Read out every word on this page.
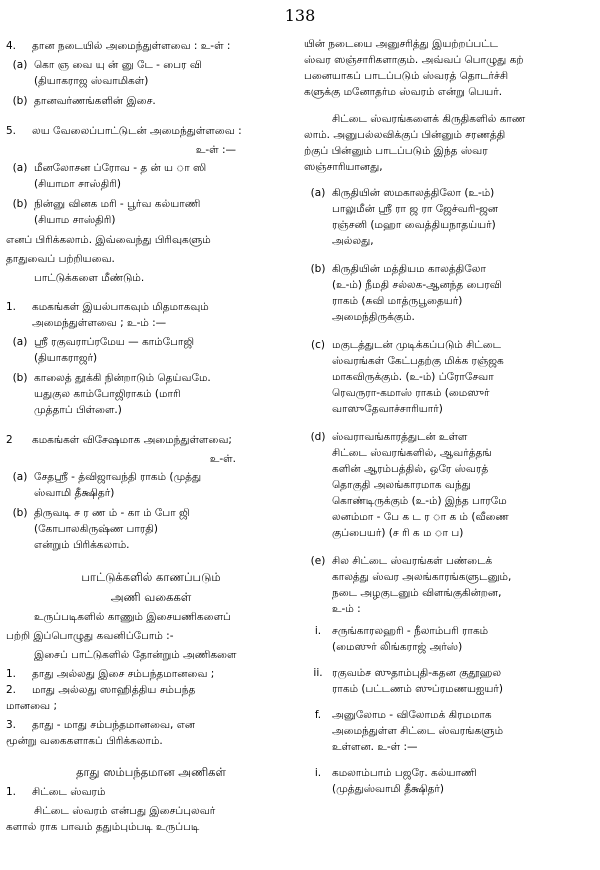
138
4.	தான நடையில் அமைந்துள்ளவை : உ-ள் :
(a) கொ ஞ வை யு ன் னு டே - பைர வி
(தியாகராஜ ஸ்வாமிகள்)
(b) தானவர்ணங்களின் இசை.
5.	லய வேலைப்பாட்டுடன் அமைந்துள்ளவை :
உ-ள் :—
(a) மீனலோசன ப்ரோவ - த ன் ய ா ஸி
(சியாமா சாஸ்திரி)
(b) நின்னு வினக மரி - பூர்வ கல்யாணி
(சியாம சாஸ்திரி)
எனப் பிரிக்கலாம். இவ்வைந்து பிரிவுகளும்
தாதுவைப் பற்றியவை.
பாட்டுக்களை மீண்டும்.
1.	கமகங்கள் இயல்பாகவும் மிதமாகவும்
அமைந்துள்ளவை ; உ-ம் :—
(a) ஸ்ரீ ரகுவராப்ரமேய — காம்போஜி
(தியாகராஜர்)
(b) காலைத் தூக்கி நின்றாடும் தெய்வமே.
யதுகுல காம்போஜிராகம் (மாரி
முத்தாப் பிள்ளை.)
2	கமகங்கள் விசேஷமாக அமைந்துள்ளவை;
உ-ள்.
(a) சேதஸ்ரீ - த்விஜாவந்தி ராகம் (முத்து
ஸ்வாமி தீக்ஷிதர்)
(b) திருவடி ச ர ண ம் - கா ம் போ ஜி
(கோபாலகிருஷ்ண பாரதி)
என்றும் பிரிக்கலாம்.
பாட்டுக்களில் காணப்படும்
அணி வகைகள்
உருப்படிகளில் காணும் இசையணிகளைப்
பற்றி இப்பொழுது கவனிப்போம் :-
இசைப் பாட்டுகளில் தோன்றும் அணிகளை
1.	தாது அல்லது இசை சம்பந்தமானவை ;
2.	மாது அல்லது ஸாஹித்திய சம்பந்த
மானவை ;
3.	தாது - மாது சம்பந்தமானவை, என
மூன்று வகைகளாகப் பிரிக்கலாம்.
தாது ஸம்பந்தமான அணிகள்
1.	சிட்டை ஸ்வரம்
சிட்டை ஸ்வரம் என்பது இசைப்புலவர்
களால் ராக பாவம் ததும்பும்படி உருப்படி
யின் நடையை அனுசரித்து இயற்றப்பட்ட
ஸ்வர ஸஞ்சாரிகளாகும். அவ்வப் பொழுது கற்
பனையாகப் பாடப்படும் ஸ்வரத் தொடர்ச்சி
களுக்கு மனோதர்ம ஸ்வரம் என்று பெயர்.
சிட்டை ஸ்வரங்களைக் கிருதிகளில் காண
லாம். அனுபல்லவிக்குப் பின்னும் சரணத்தி
ற்குப் பின்னும் பாடப்படும் இந்த ஸ்வர
ஸஞ்சாரியானது,
(a) கிருதியின் ஸமகாலத்திலோ (உ-ம்)
பாலுமீன் ஸ்ரீ ரா ஜ ரா ஜேச்வரி-ஜன
ரஞ்சனி (மஹா வைத்தியநாதய்யர்)
அல்லது,
(b) கிருதியின் மத்தியம காலத்திலோ
(உ-ம்) நீமதி சல்லக-ஆனந்த பைரவி
ராகம் (சுவி மாத்ருபூதையர்)
அமைந்திருக்கும்.
(c) மகுடத்துடன் முடிக்கப்படும் சிட்டை
ஸ்வரங்கள் கேட்பதற்கு மிக்க ரஞ்ஜக
மாகவிருக்கும். (உ-ம்) ப்ரோசேவா
ரெவருரா-கமாஸ் ராகம் (மைஸுர்
வாஸுதேவாச்சாரியார்)
(d) ஸ்வராவங்காரத்துடன் உள்ள
சிட்டை ஸ்வரங்களில், ஆவர்த்தங்
களின் ஆரம்பத்தில், ஒரே ஸ்வரத்
தொகுதி அலங்காரமாக வந்து
கொண்டிருக்கும் (உ-ம்) இந்த பாரமே
லனம்மா - பே க ட ர ா க ம் (வீணை
குப்பையர்) (ச ரி க ம ா ப)
(e) சில சிட்டை ஸ்வரங்கள் பண்டைக்
காலத்து ஸ்வர அலங்காரங்களுடனும்,
நடை அழகுடனும் விளங்குகின்றன,
உ-ம் :
i.	சருங்காரலஹரி - நீலாம்பரி ராகம்
(மைஸுர் லிங்கராஜ் அர்ஸ்)
ii. ரகுவம்ச ஸுதாம்புதி-கதன குதூஹல
ராகம் (பட்டணம் ஸுப்ரமணயஐயர்)
f.	அனுலோம - விலோமக் கிரமமாக
அமைந்துள்ள சிட்டை ஸ்வரங்களும்
உள்ளன. உ-ள் :—
i.	கமலாம்பாம் பஜரே. கல்யாணி
(முத்துஸ்வாமி தீக்ஷிதர்)
